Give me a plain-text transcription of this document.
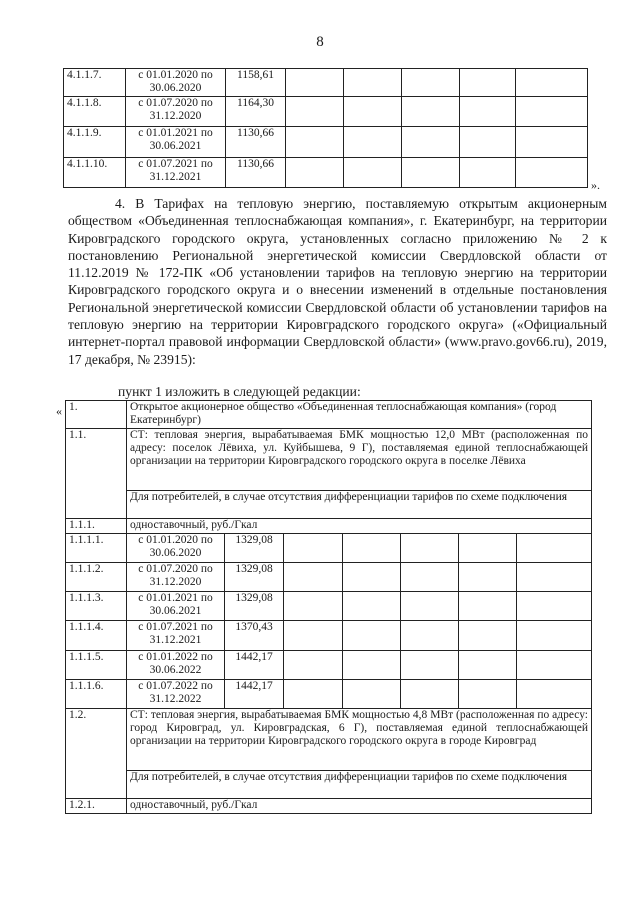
8
4.1.1.7.	с 01.01.2020 по 30.06.2020	1158,61					
4.1.1.8.	с 01.07.2020 по 31.12.2020	1164,30					
4.1.1.9.	с 01.01.2021 по 30.06.2021	1130,66					
4.1.1.10.	с 01.07.2021 по 31.12.2021	1130,66					
».

4. В Тарифах на тепловую энергию, поставляемую открытым акционерным обществом «Объединенная теплоснабжающая компания», г. Екатеринбург, на территории Кировградского городского округа, установленных согласно приложению № 2 к постановлению Региональной энергетической комиссии Свердловской области от 11.12.2019 № 172-ПК «Об установлении тарифов на тепловую энергию на территории Кировградского городского округа и о внесении изменений в отдельные постановления Региональной энергетической комиссии Свердловской области об установлении тарифов на тепловую энергию на территории Кировградского городского округа» («Официальный интернет-портал правовой информации Свердловской области» (www.pravo.gov66.ru), 2019, 17 декабря, № 23915):

пункт 1 изложить в следующей редакции:
« 1.	Открытое акционерное общество «Объединенная теплоснабжающая компания» (город Екатеринбург)						
1.1.	СТ: тепловая энергия, вырабатываемая БМК мощностью 12,0 МВт (расположенная по адресу: поселок Лёвиха, ул. Куйбышева, 9 Г), поставляемая единой теплоснабжающей организации на территории Кировградского городского округа в поселке Лёвиха						
	Для потребителей, в случае отсутствия дифференциации тарифов по схеме подключения						
1.1.1.	одноставочный, руб./Гкал						
1.1.1.1.	с 01.01.2020 по 30.06.2020	1329,08					
1.1.1.2.	с 01.07.2020 по 31.12.2020	1329,08					
1.1.1.3.	с 01.01.2021 по 30.06.2021	1329,08					
1.1.1.4.	с 01.07.2021 по 31.12.2021	1370,43					
1.1.1.5.	с 01.01.2022 по 30.06.2022	1442,17					
1.1.1.6.	с 01.07.2022 по 31.12.2022	1442,17					
1.2.	СТ: тепловая энергия, вырабатываемая БМК мощностью 4,8 МВт (расположенная по адресу: город Кировград, ул. Кировградская, 6 Г), поставляемая единой теплоснабжающей организации на территории Кировградского городского округа в городе Кировград						
	Для потребителей, в случае отсутствия дифференциации тарифов по схеме подключения						
1.2.1.	одноставочный, руб./Гкал						
